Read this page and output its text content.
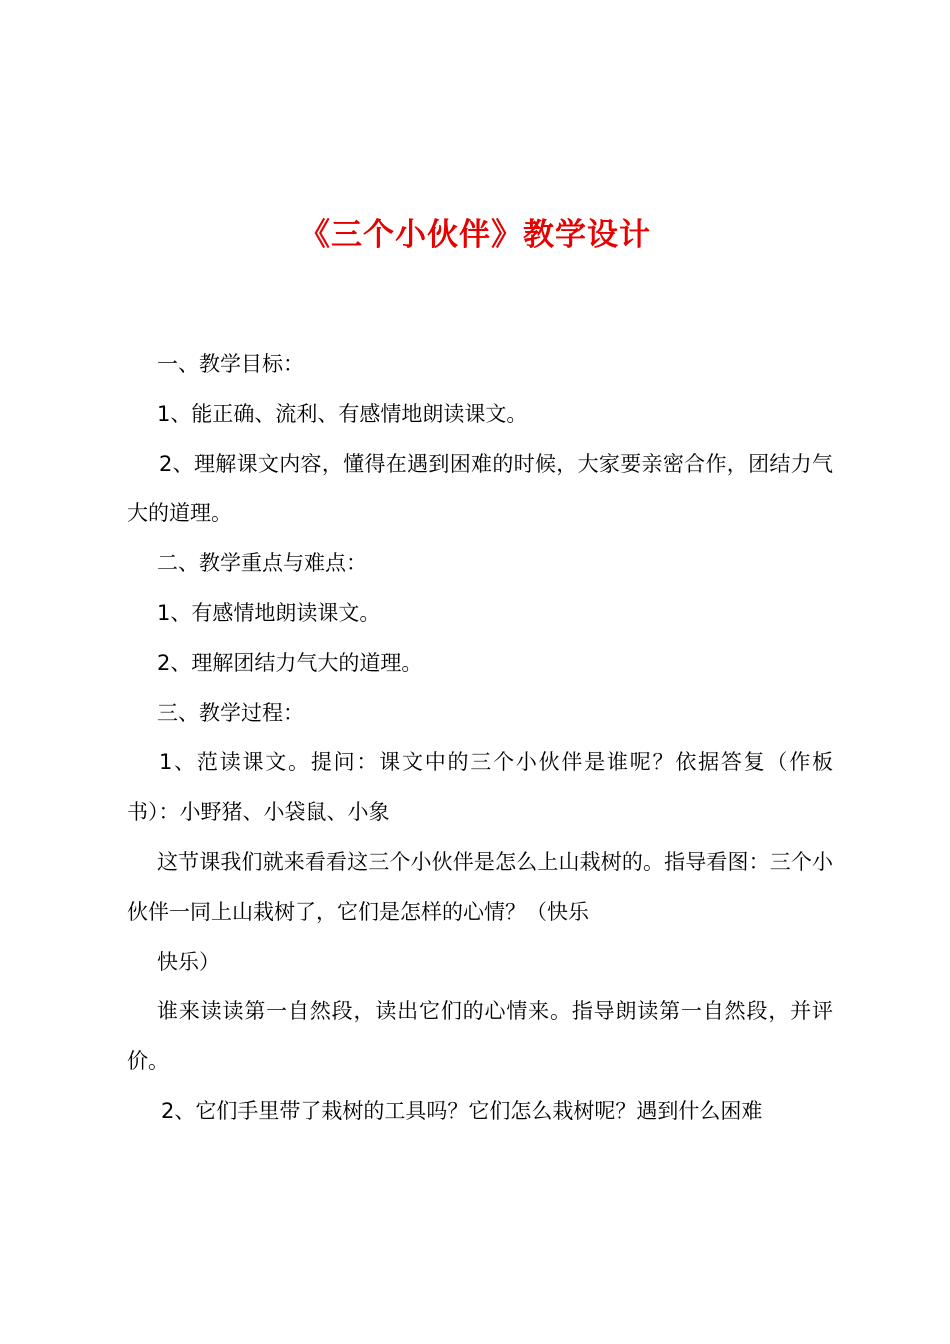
《三个小伙伴》教学设计

一、教学目标：

1、能正确、流利、有感情地朗读课文。

2、理解课文内容，懂得在遇到困难的时候，大家要亲密合作，团结力气大的道理。

二、教学重点与难点：

1、有感情地朗读课文。

2、理解团结力气大的道理。

三、教学过程：

1、范读课文。提问：课文中的三个小伙伴是谁呢？依据答复（作板书）：小野猪、小袋鼠、小象

这节课我们就来看看这三个小伙伴是怎么上山栽树的。指导看图：三个小伙伴一同上山栽树了，它们是怎样的心情？（快乐

快乐）

谁来读读第一自然段，读出它们的心情来。指导朗读第一自然段，并评价。

2、它们手里带了栽树的工具吗？它们怎么栽树呢？遇到什么困难
